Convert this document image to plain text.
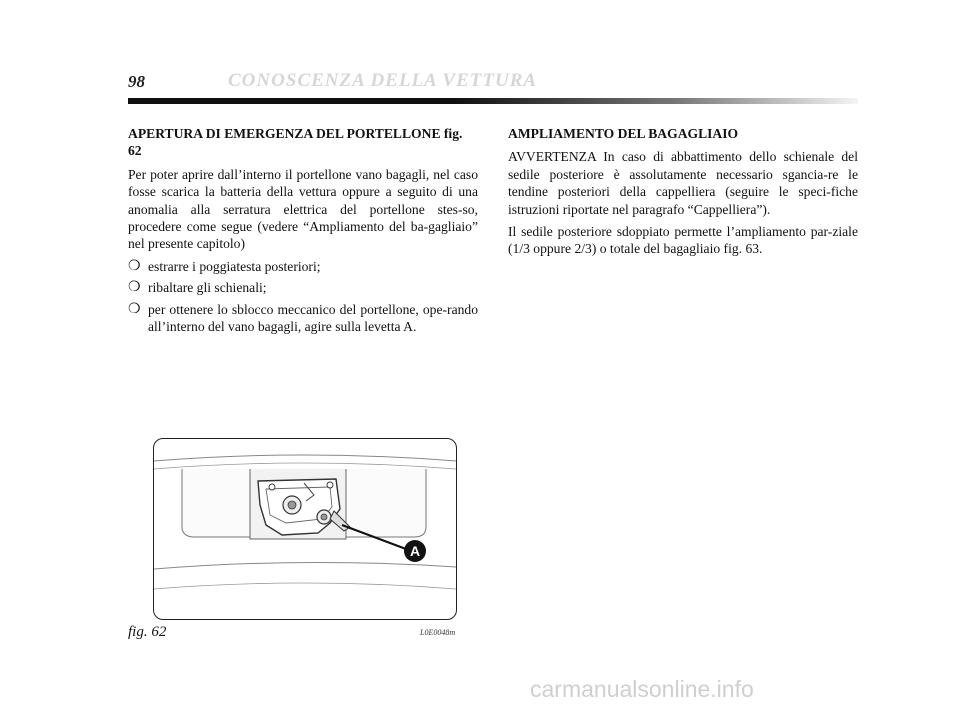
98	CONOSCENZA DELLA VETTURA
APERTURA DI EMERGENZA DEL PORTELLONE fig. 62

Per poter aprire dall’interno il portellone vano bagagli, nel caso fosse scarica la batteria della vettura oppure a seguito di una anomalia alla serratura elettrica del portellone stes-so, procedere come segue (vedere “Ampliamento del ba-gagliaio” nel presente capitolo)

❍ estrarre i poggiatesta posteriori;
❍ ribaltare gli schienali;
❍ per ottenere lo sblocco meccanico del portellone, ope-rando all’interno del vano bagagli, agire sulla levetta A.
AMPLIAMENTO DEL BAGAGLIAIO

AVVERTENZA In caso di abbattimento dello schienale del sedile posteriore è assolutamente necessario sgancia-re le tendine posteriori della cappelliera (seguire le speci-fiche istruzioni riportate nel paragrafo “Cappelliera”).

Il sedile posteriore sdoppiato permette l’ampliamento par-ziale (1/3 oppure 2/3) o totale del bagagliaio fig. 63.

A
fig. 62	L0E0048m
carmanualsonline.info
